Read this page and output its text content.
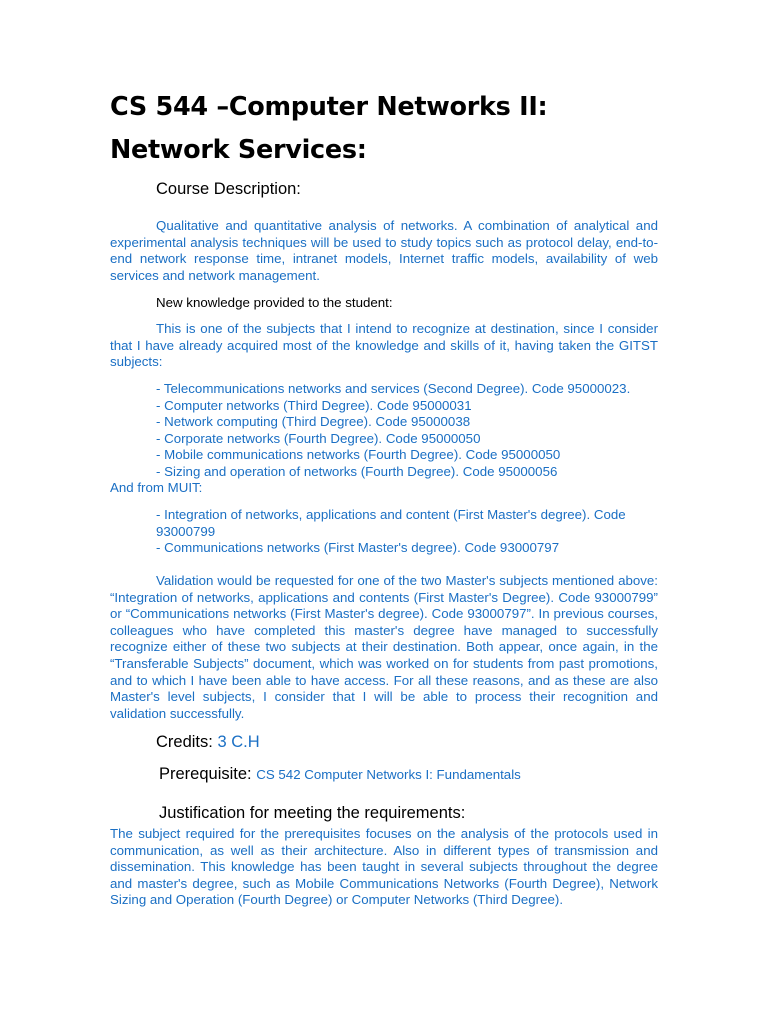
CS 544 –Computer Networks II:
Network Services:

Course Description:

Qualitative and quantitative analysis of networks. A combination of analytical and experimental analysis techniques will be used to study topics such as protocol delay, end-to-end network response time, intranet models, Internet traffic models, availability of web services and network management.

New knowledge provided to the student:

This is one of the subjects that I intend to recognize at destination, since I consider that I have already acquired most of the knowledge and skills of it, having taken the GITST subjects:

- Telecommunications networks and services (Second Degree). Code 95000023.
- Computer networks (Third Degree). Code 95000031
- Network computing (Third Degree). Code 95000038
- Corporate networks (Fourth Degree). Code 95000050
- Mobile communications networks (Fourth Degree). Code 95000050
- Sizing and operation of networks (Fourth Degree). Code 95000056

And from MUIT:

- Integration of networks, applications and content (First Master's degree). Code 93000799
- Communications networks (First Master's degree). Code 93000797

Validation would be requested for one of the two Master's subjects mentioned above: “Integration of networks, applications and contents (First Master's Degree). Code 93000799” or “Communications networks (First Master's degree). Code 93000797”. In previous courses, colleagues who have completed this master's degree have managed to successfully recognize either of these two subjects at their destination. Both appear, once again, in the “Transferable Subjects” document, which was worked on for students from past promotions, and to which I have been able to have access. For all these reasons, and as these are also Master's level subjects, I consider that I will be able to process their recognition and validation successfully.

Credits: 3 C.H

Prerequisite: CS 542 Computer Networks I: Fundamentals

Justification for meeting the requirements:

The subject required for the prerequisites focuses on the analysis of the protocols used in communication, as well as their architecture. Also in different types of transmission and dissemination. This knowledge has been taught in several subjects throughout the degree and master's degree, such as Mobile Communications Networks (Fourth Degree), Network Sizing and Operation (Fourth Degree) or Computer Networks (Third Degree).
